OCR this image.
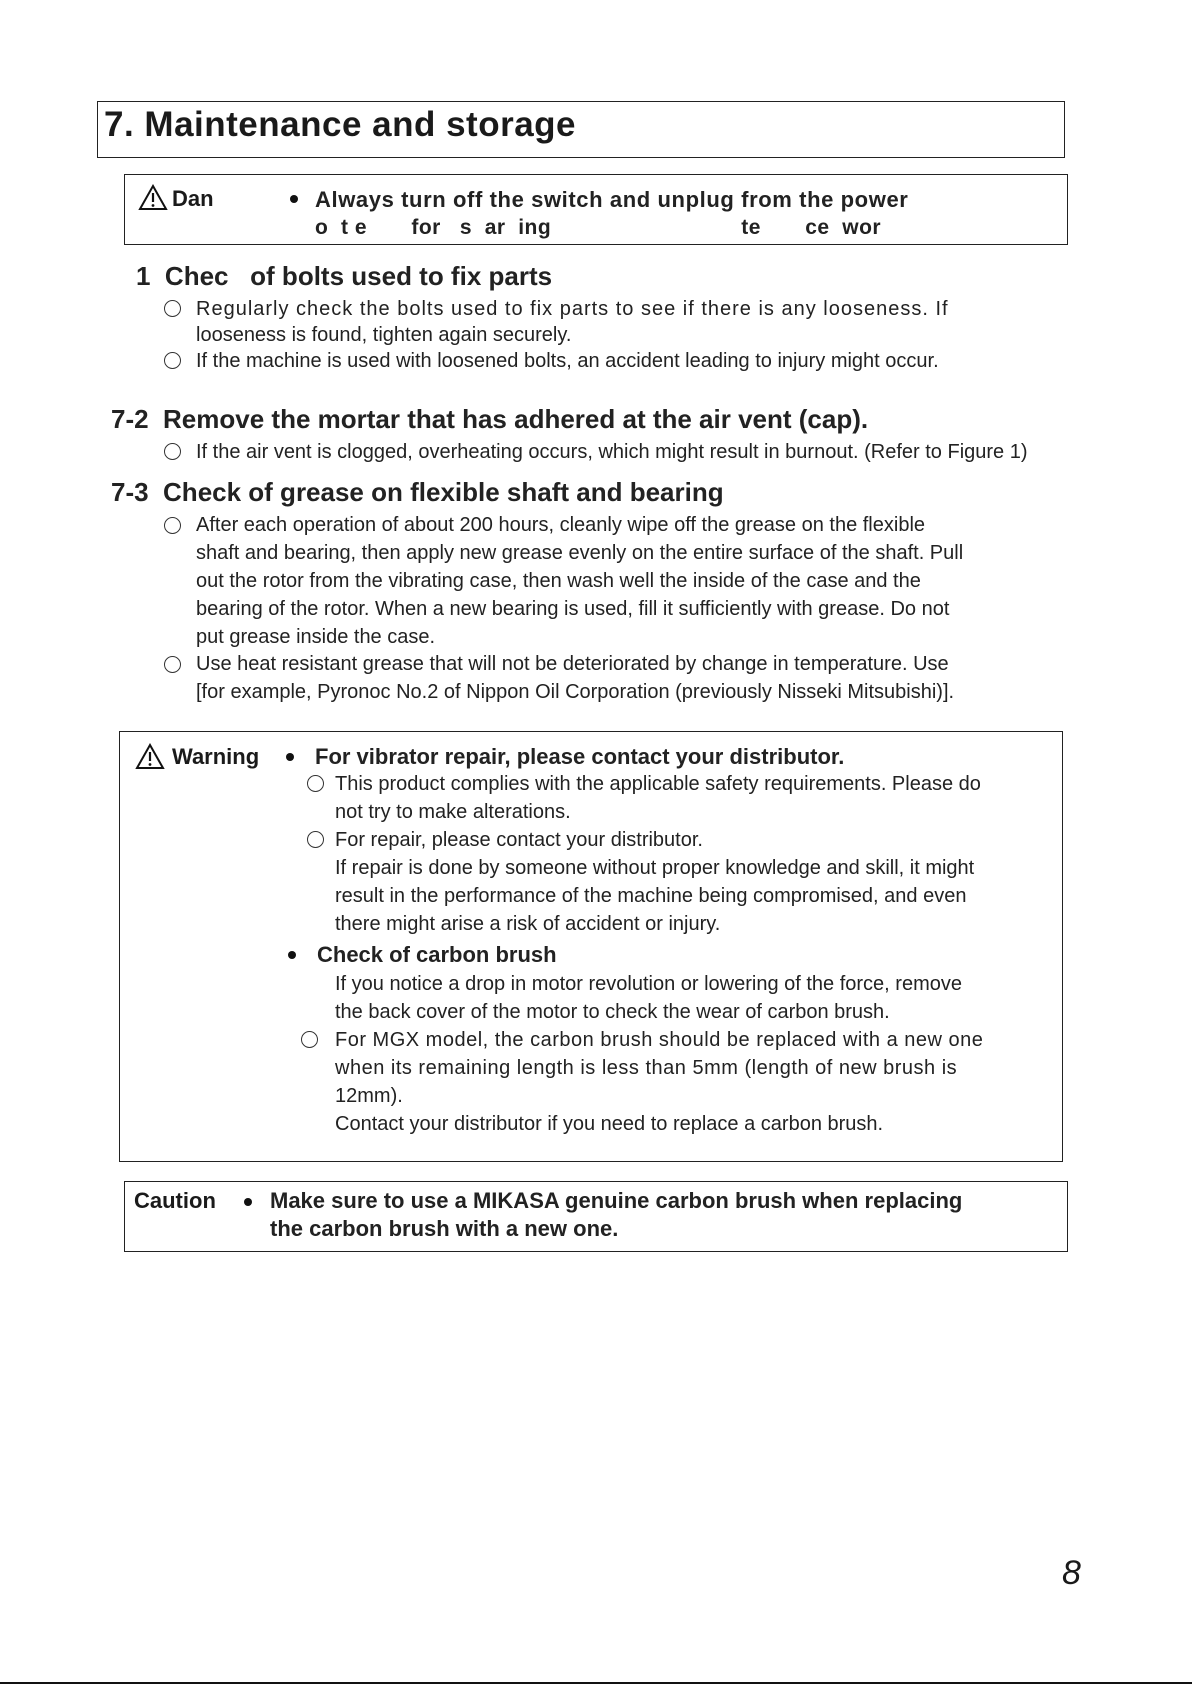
7. Maintenance and storage
Dan	Always turn off the switch and unplug from the power
o  t e       for   s  ar  ing                              te       ce  wor
1 Chec   of bolts used to fix parts
Regularly check the bolts used to fix parts to see if there is any looseness. If
looseness is found, tighten again securely.
If the machine is used with loosened bolts, an accident leading to injury might occur.
7-2 Remove the mortar that has adhered at the air vent (cap).
If the air vent is clogged, overheating occurs, which might result in burnout. (Refer to Figure 1)
7-3 Check of grease on flexible shaft and bearing
After each operation of about 200 hours, cleanly wipe off the grease on the flexible
shaft and bearing, then apply new grease evenly on the entire surface of the shaft. Pull
out the rotor from the vibrating case, then wash well the inside of the case and the
bearing of the rotor. When a new bearing is used, fill it sufficiently with grease. Do not
put grease inside the case.
Use heat resistant grease that will not be deteriorated by change in temperature. Use
[for example, Pyronoc No.2 of Nippon Oil Corporation (previously Nisseki Mitsubishi)].
Warning	For vibrator repair, please contact your distributor.
This product complies with the applicable safety requirements. Please do
not try to make alterations.
For repair, please contact your distributor.
If repair is done by someone without proper knowledge and skill, it might
result in the performance of the machine being compromised, and even
there might arise a risk of accident or injury.
Check of carbon brush
If you notice a drop in motor revolution or lowering of the force, remove
the back cover of the motor to check the wear of carbon brush.
For MGX model, the carbon brush should be replaced with a new one
when its remaining length is less than 5mm (length of new brush is
12mm).
Contact your distributor if you need to replace a carbon brush.
Caution Make sure to use a MIKASA genuine carbon brush when replacing
the carbon brush with a new one.
8
